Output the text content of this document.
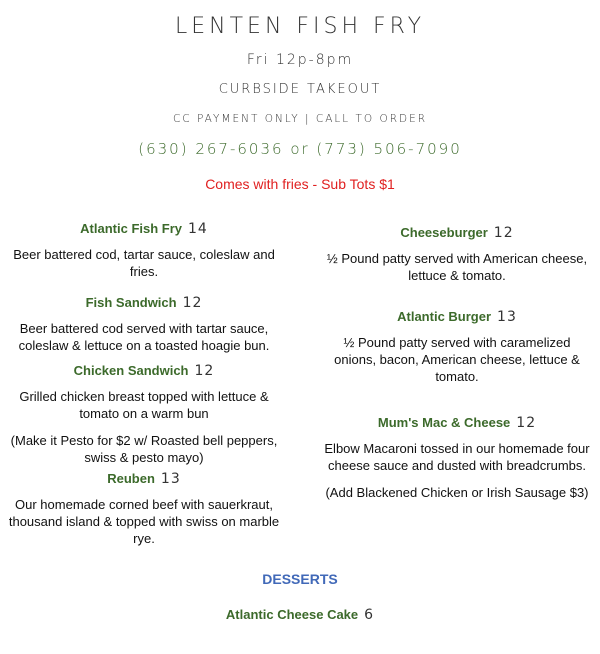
LENTEN FISH FRY
Fri 12p-8pm
CURBSIDE TAKEOUT
CC PAYMENT ONLY | CALL TO ORDER
(630) 267-6036 or (773) 506-7090
Comes with fries - Sub Tots $1
Atlantic Fish Fry 14
Beer battered cod, tartar sauce, coleslaw and fries.
Fish Sandwich 12
Beer battered cod served with tartar sauce, coleslaw & lettuce on a toasted hoagie bun.
Chicken Sandwich 12
Grilled chicken breast topped with lettuce & tomato on a warm bun
(Make it Pesto for $2 w/ Roasted bell peppers, swiss & pesto mayo)
Reuben 13
Our homemade corned beef with sauerkraut, thousand island & topped with swiss on marble rye.
Cheeseburger 12
½ Pound patty served with American cheese, lettuce & tomato.
Atlantic Burger 13
½ Pound patty served with caramelized onions, bacon, American cheese, lettuce & tomato.
Mum's Mac & Cheese 12
Elbow Macaroni tossed in our homemade four cheese sauce and dusted with breadcrumbs.
(Add Blackened Chicken or Irish Sausage $3)
DESSERTS
Atlantic Cheese Cake 6
